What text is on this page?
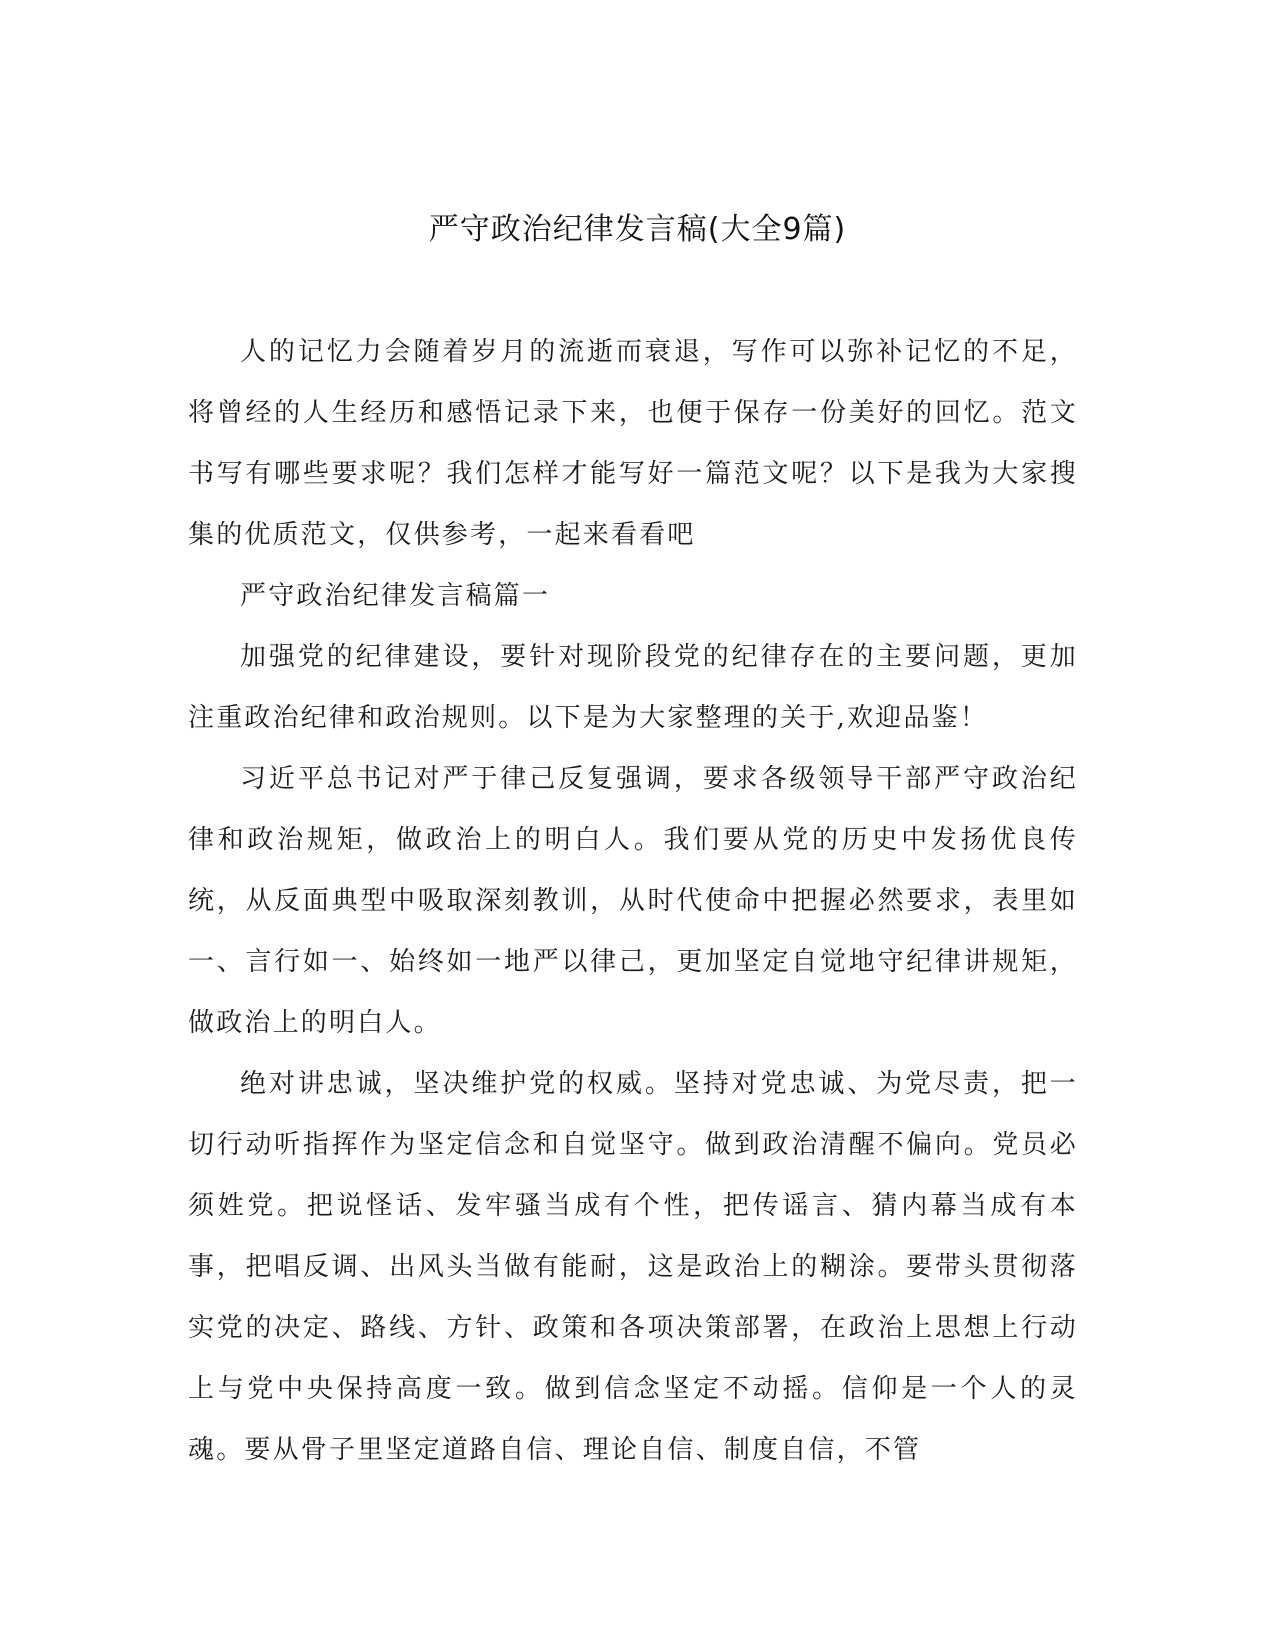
严守政治纪律发言稿(大全9篇)

人的记忆力会随着岁月的流逝而衰退，写作可以弥补记忆的不足，将曾经的人生经历和感悟记录下来，也便于保存一份美好的回忆。范文书写有哪些要求呢？我们怎样才能写好一篇范文呢？以下是我为大家搜集的优质范文，仅供参考，一起来看看吧

严守政治纪律发言稿篇一

加强党的纪律建设，要针对现阶段党的纪律存在的主要问题，更加注重政治纪律和政治规则。以下是为大家整理的关于,欢迎品鉴！

习近平总书记对严于律己反复强调，要求各级领导干部严守政治纪律和政治规矩，做政治上的明白人。我们要从党的历史中发扬优良传统，从反面典型中吸取深刻教训，从时代使命中把握必然要求，表里如一、言行如一、始终如一地严以律己，更加坚定自觉地守纪律讲规矩，做政治上的明白人。

绝对讲忠诚，坚决维护党的权威。坚持对党忠诚、为党尽责，把一切行动听指挥作为坚定信念和自觉坚守。做到政治清醒不偏向。党员必须姓党。把说怪话、发牢骚当成有个性，把传谣言、猜内幕当成有本事，把唱反调、出风头当做有能耐，这是政治上的糊涂。要带头贯彻落实党的决定、路线、方针、政策和各项决策部署，在政治上思想上行动上与党中央保持高度一致。做到信念坚定不动摇。信仰是一个人的灵魂。要从骨子里坚定道路自信、理论自信、制度自信，不管
